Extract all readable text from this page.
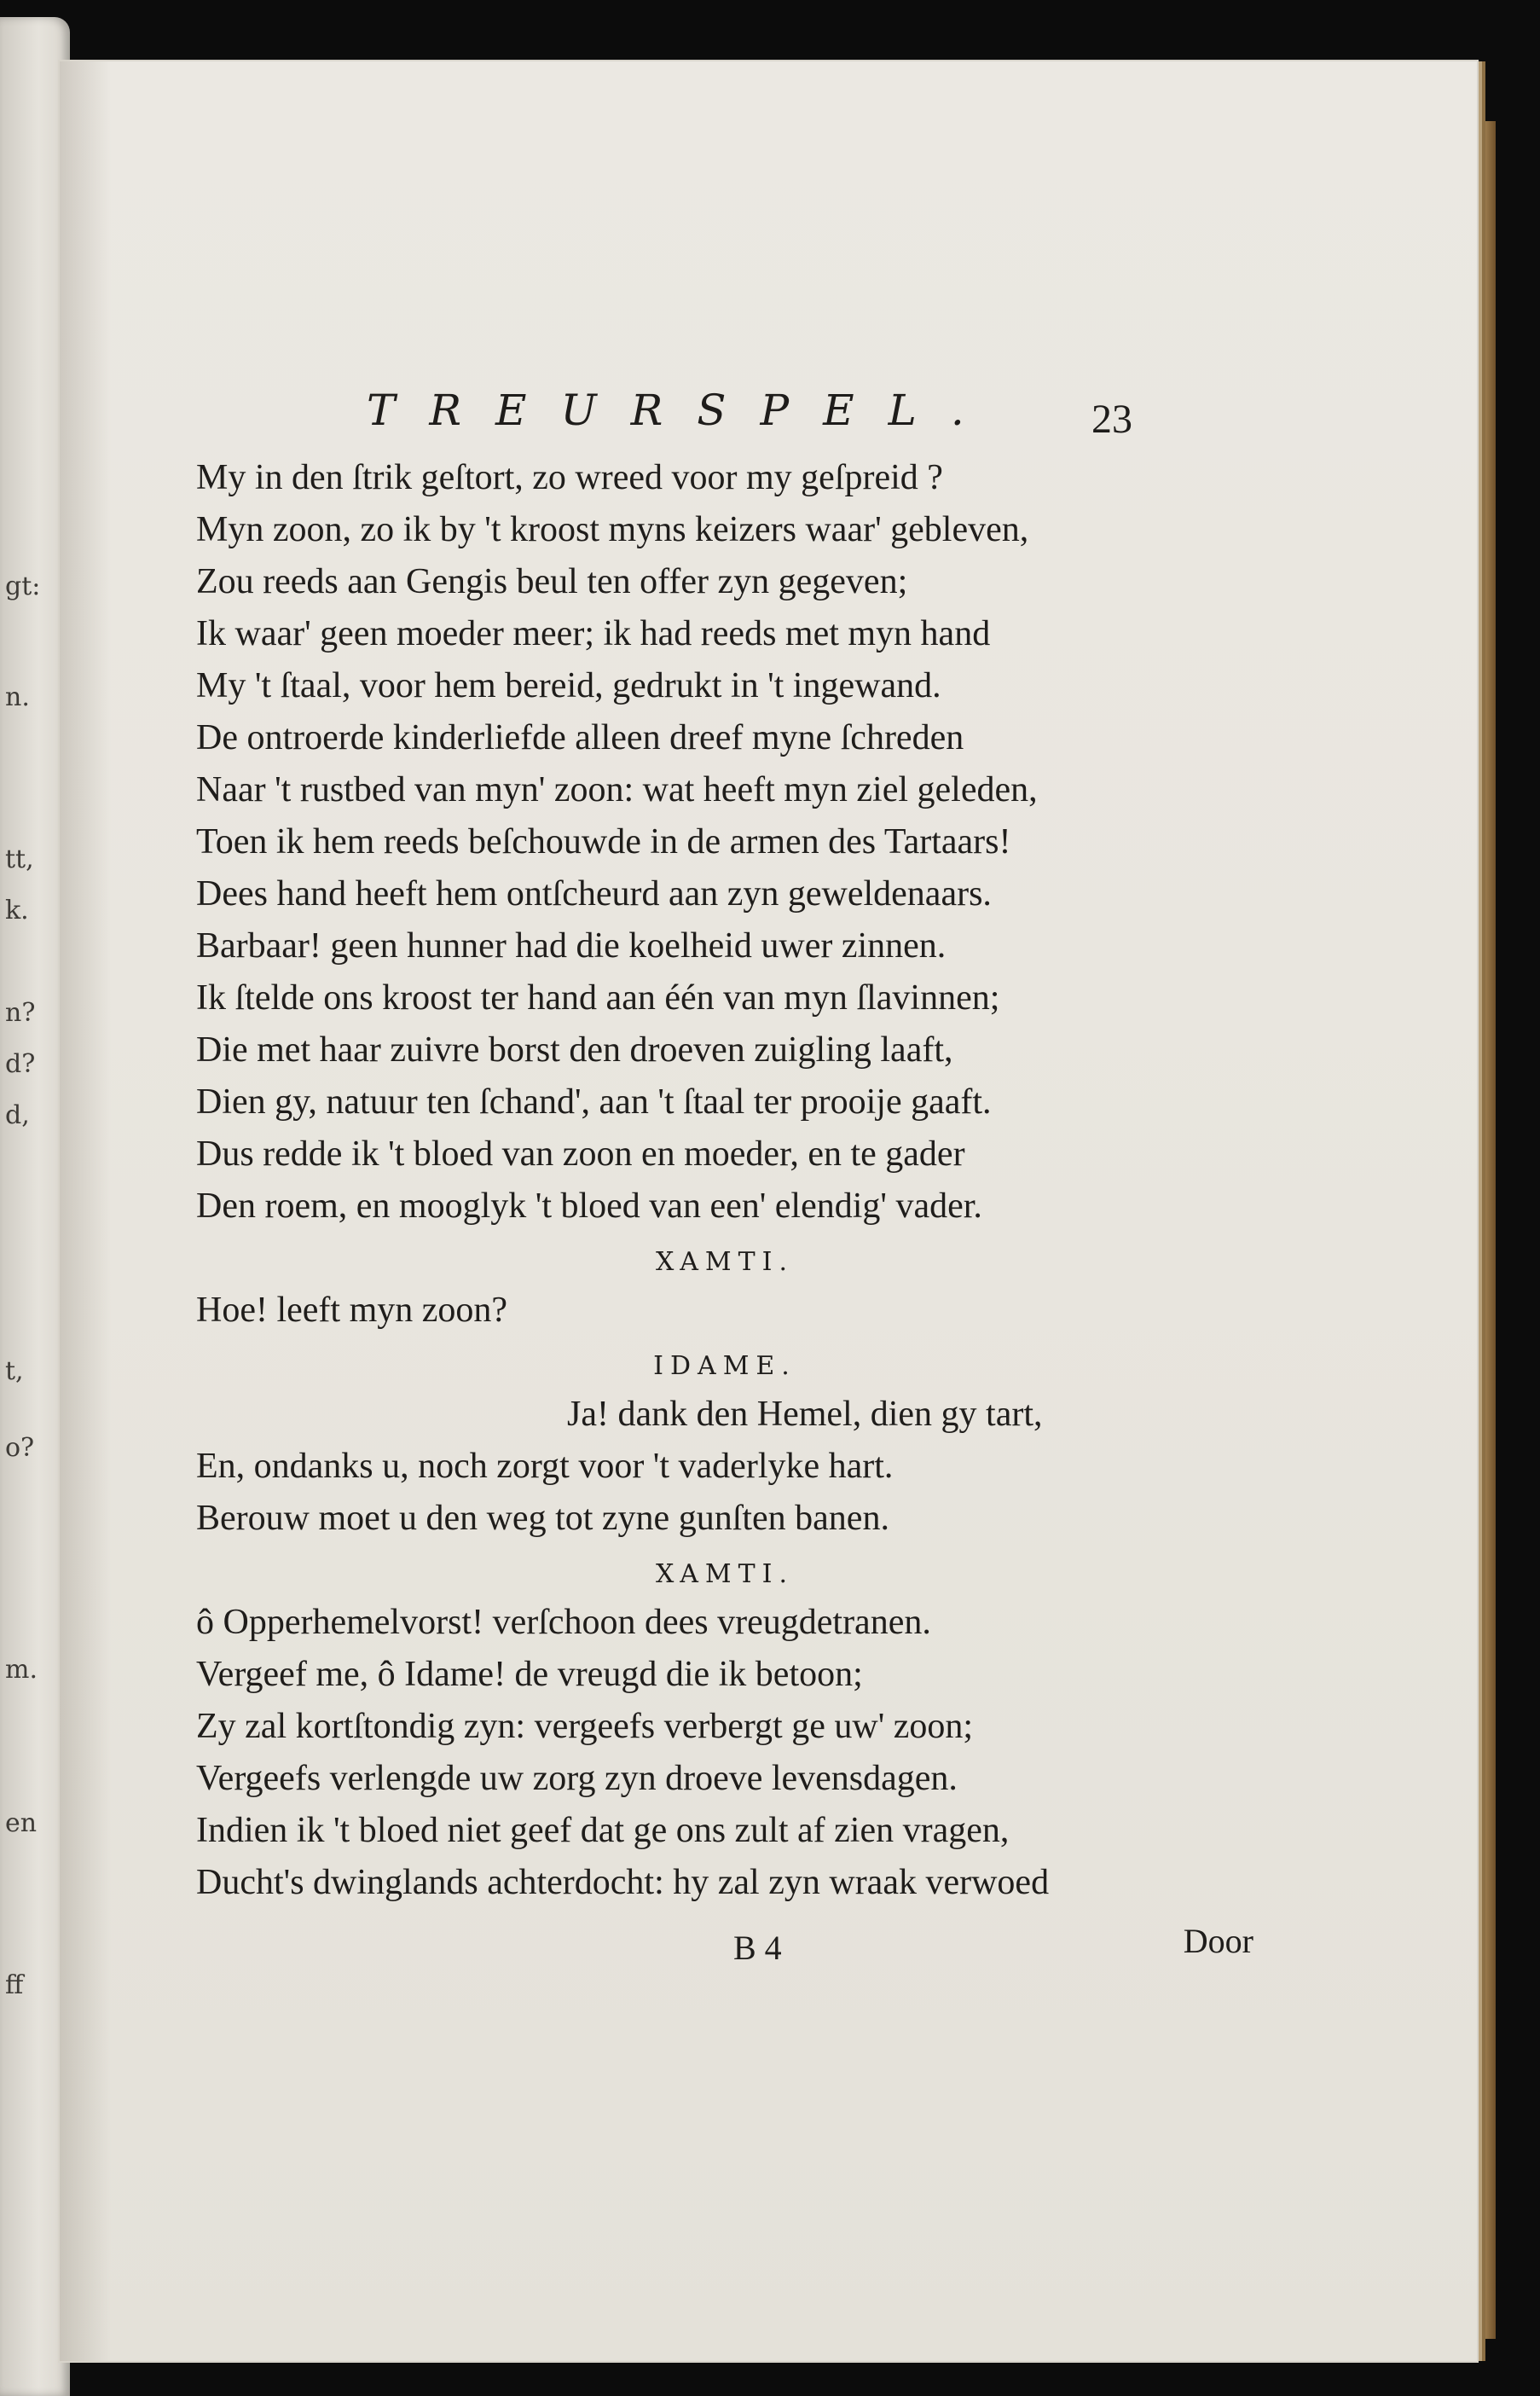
gt:
n.
tt,
k.
n?
d?
d,
t,
o?
m.
en
ff
TREURSPEL.	23
My in den ſtrik geſtort, zo wreed voor my geſpreid ?
Myn zoon, zo ik by 't kroost myns keizers waar' gebleven,
Zou reeds aan Gengis beul ten offer zyn gegeven;
Ik waar' geen moeder meer; ik had reeds met myn hand
My 't ſtaal, voor hem bereid, gedrukt in 't ingewand.
De ontroerde kinderliefde alleen dreef myne ſchreden
Naar 't rustbed van myn' zoon: wat heeft myn ziel geleden,
Toen ik hem reeds beſchouwde in de armen des Tartaars!
Dees hand heeft hem ontſcheurd aan zyn geweldenaars.
Barbaar! geen hunner had die koelheid uwer zinnen.
Ik ſtelde ons kroost ter hand aan één van myn ſlavinnen;
Die met haar zuivre borst den droeven zuigling laaft,
Dien gy, natuur ten ſchand', aan 't ſtaal ter prooije gaaft.
Dus redde ik 't bloed van zoon en moeder, en te gader
Den roem, en mooglyk 't bloed van een' elendig' vader.
XAMTI.
Hoe! leeft myn zoon?
IDAME.
Ja! dank den Hemel, dien gy tart,
En, ondanks u, noch zorgt voor 't vaderlyke hart.
Berouw moet u den weg tot zyne gunſten banen.
XAMTI.
ô Opperhemelvorst! verſchoon dees vreugdetranen.
Vergeef me, ô Idame! de vreugd die ik betoon;
Zy zal kortſtondig zyn: vergeefs verbergt ge uw' zoon;
Vergeefs verlengde uw zorg zyn droeve levensdagen.
Indien ik 't bloed niet geef dat ge ons zult af zien vragen,
Ducht's dwinglands achterdocht: hy zal zyn wraak verwoed
B 4	Door
